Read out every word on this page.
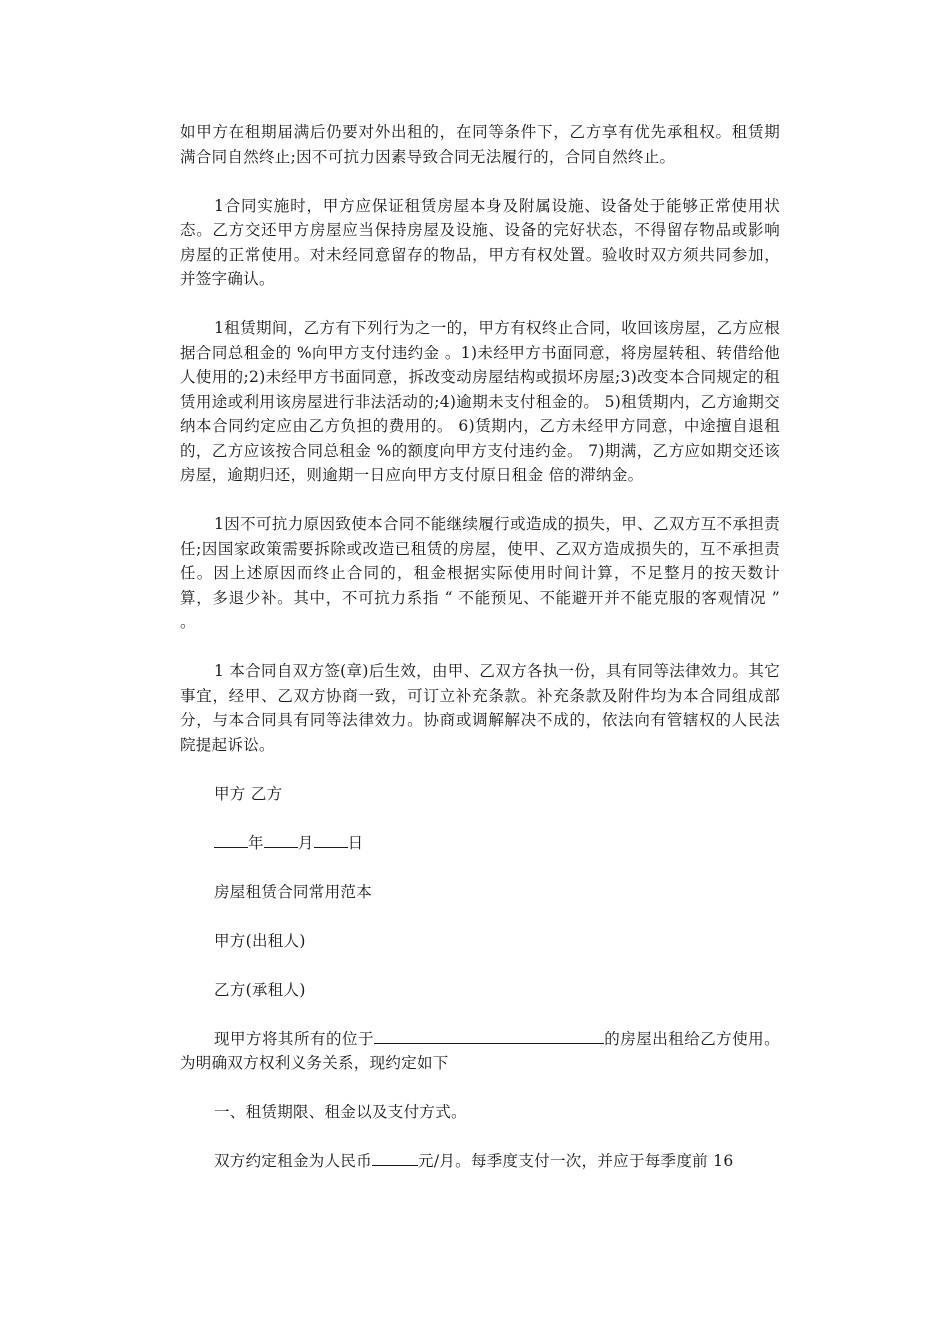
如甲方在租期届满后仍要对外出租的，在同等条件下，乙方享有优先承租权。租赁期满合同自然终止;因不可抗力因素导致合同无法履行的，合同自然终止。

1合同实施时，甲方应保证租赁房屋本身及附属设施、设备处于能够正常使用状态。乙方交还甲方房屋应当保持房屋及设施、设备的完好状态，不得留存物品或影响房屋的正常使用。对未经同意留存的物品，甲方有权处置。验收时双方须共同参加，并签字确认。

1租赁期间，乙方有下列行为之一的，甲方有权终止合同，收回该房屋，乙方应根据合同总租金的 %向甲方支付违约金 。1)未经甲方书面同意，将房屋转租、转借给他人使用的;2)未经甲方书面同意，拆改变动房屋结构或损坏房屋;3)改变本合同规定的租赁用途或利用该房屋进行非法活动的;4)逾期未支付租金的。 5)租赁期内，乙方逾期交纳本合同约定应由乙方负担的费用的。 6)赁期内，乙方未经甲方同意，中途擅自退租的，乙方应该按合同总租金 %的额度向甲方支付违约金。 7)期满，乙方应如期交还该房屋，逾期归还，则逾期一日应向甲方支付原日租金 倍的滞纳金。

1因不可抗力原因致使本合同不能继续履行或造成的损失，甲、乙双方互不承担责任;因国家政策需要拆除或改造已租赁的房屋，使甲、乙双方造成损失的，互不承担责任。因上述原因而终止合同的，租金根据实际使用时间计算，不足整月的按天数计算，多退少补。其中，不可抗力系指 “ 不能预见、不能避开并不能克服的客观情况 ” 。

1 本合同自双方签(章)后生效，由甲、乙双方各执一份，具有同等法律效力。其它事宜，经甲、乙双方协商一致，可订立补充条款。补充条款及附件均为本合同组成部分，与本合同具有同等法律效力。协商或调解解决不成的，依法向有管辖权的人民法院提起诉讼。

甲方 乙方
年 月 日
房屋租赁合同常用范本
甲方(出租人)
乙方(承租人)

现甲方将其所有的位于	的房屋出租给乙方使用。为明确双方权利义务关系，现约定如下

一、租赁期限、租金以及支付方式。
双方约定租金为人民币	元/月。每季度支付一次，并应于每季度前 16
